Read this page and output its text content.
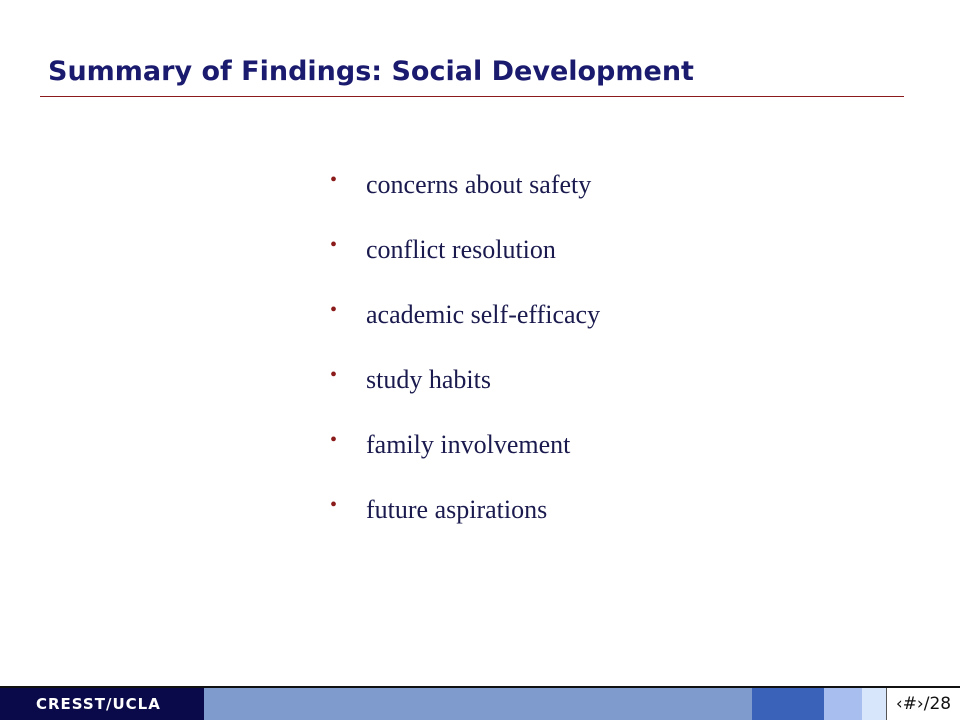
Summary of Findings: Social Development
•	concerns about safety
•	conflict resolution
•	academic self-efficacy
•	study habits
•	family involvement
•	future aspirations
CRESST/UCLA	‹#›/28
